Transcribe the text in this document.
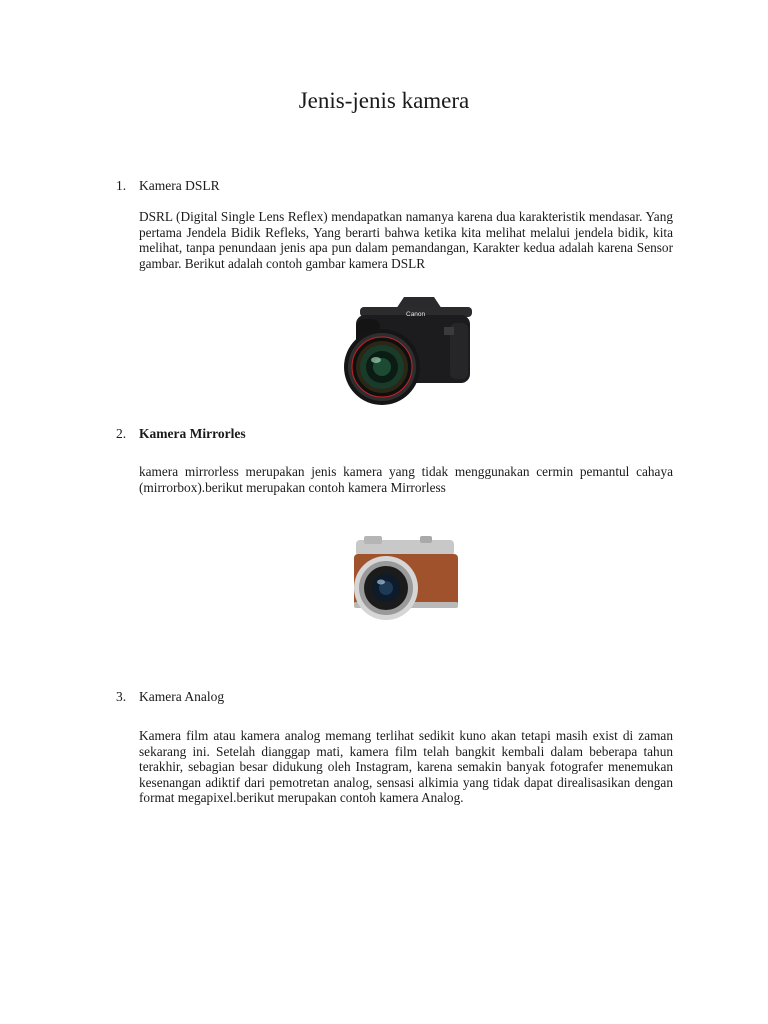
Jenis-jenis kamera
1. Kamera DSLR

DSRL (Digital Single Lens Reflex) mendapatkan namanya karena dua karakteristik mendasar. Yang pertama Jendela Bidik Refleks, Yang berarti bahwa ketika kita melihat melalui jendela bidik, kita melihat, tanpa penundaan jenis apa pun dalam pemandangan, Karakter kedua adalah karena Sensor gambar. Berikut adalah contoh gambar kamera DSLR

Canon
2. Kamera Mirrorles

kamera mirrorless merupakan jenis kamera yang tidak menggunakan cermin pemantul cahaya (mirrorbox).berikut merupakan contoh kamera Mirrorless

3. Kamera Analog

Kamera film atau kamera analog memang terlihat sedikit kuno akan tetapi masih exist di zaman sekarang ini. Setelah dianggap mati, kamera film telah bangkit kembali dalam beberapa tahun terakhir, sebagian besar didukung oleh Instagram, karena semakin banyak fotografer menemukan kesenangan adiktif dari pemotretan analog, sensasi alkimia yang tidak dapat direalisasikan dengan format megapixel.berikut merupakan contoh kamera Analog.
